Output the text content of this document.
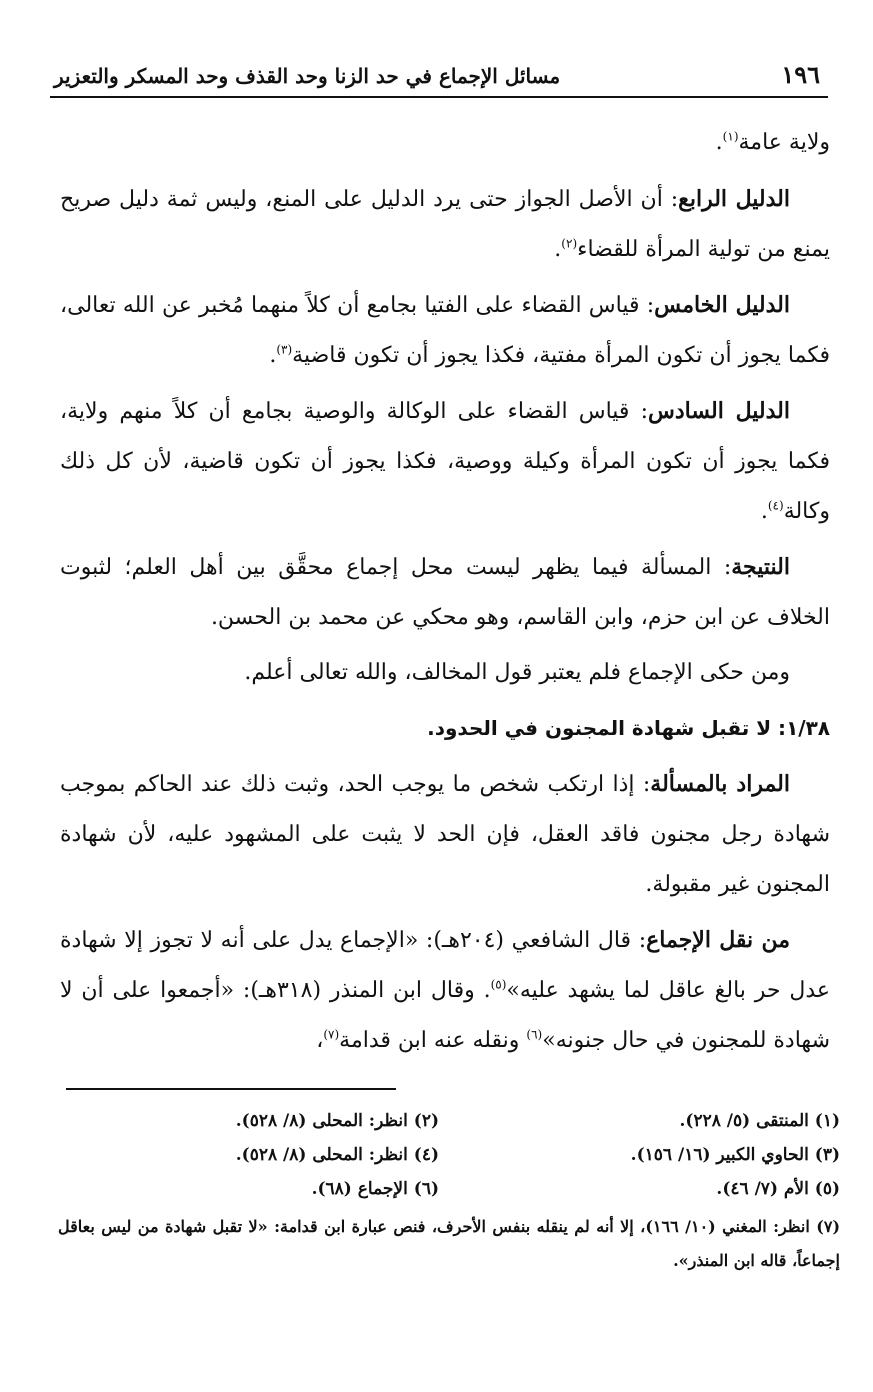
١٩٦
مسائل الإجماع في حد الزنا وحد القذف وحد المسكر والتعزير

ولاية عامة$^{(١)}$.

الدليل الرابع: أن الأصل الجواز حتى يرد الدليل على المنع، وليس ثمة دليل صريح يمنع من تولية المرأة للقضاء$^{(٢)}$.

الدليل الخامس: قياس القضاء على الفتيا بجامع أن كلاً منهما مُخبر عن الله تعالى، فكما يجوز أن تكون المرأة مفتية، فكذا يجوز أن تكون قاضية$^{(٣)}$.

الدليل السادس: قياس القضاء على الوكالة والوصية بجامع أن كلاً منهم ولاية، فكما يجوز أن تكون المرأة وكيلة ووصية، فكذا يجوز أن تكون قاضية، لأن كل ذلك وكالة$^{(٤)}$.

النتيجة: المسألة فيما يظهر ليست محل إجماع محقَّق بين أهل العلم؛ لثبوت الخلاف عن ابن حزم، وابن القاسم، وهو محكي عن محمد بن الحسن.

ومن حكى الإجماع فلم يعتبر قول المخالف، والله تعالى أعلم.

١/٣٨: لا تقبل شهادة المجنون في الحدود.

المراد بالمسألة: إذا ارتكب شخص ما يوجب الحد، وثبت ذلك عند الحاكم بموجب شهادة رجل مجنون فاقد العقل، فإن الحد لا يثبت على المشهود عليه، لأن شهادة المجنون غير مقبولة.

من نقل الإجماع: قال الشافعي (٢٠٤هـ): «الإجماع يدل على أنه لا تجوز إلا شهادة عدل حر بالغ عاقل لما يشهد عليه»$^{(٥)}$. وقال ابن المنذر (٣١٨هـ): «أجمعوا على أن لا شهادة للمجنون في حال جنونه»$^{(٦)}$ ونقله عنه ابن قدامة$^{(٧)}$،

(١) المنتقى (٥/ ٢٢٨).
(٢) انظر: المحلى (٨/ ٥٢٨).
(٣) الحاوي الكبير (١٦/ ١٥٦).
(٤) انظر: المحلى (٨/ ٥٢٨).
(٥) الأم (٧/ ٤٦).
(٦) الإجماع (٦٨).
(٧) انظر: المغني (١٠/ ١٦٦)، إلا أنه لم ينقله بنفس الأحرف، فنص عبارة ابن قدامة: «لا تقبل شهادة من ليس بعاقل إجماعاً، قاله ابن المنذر».
